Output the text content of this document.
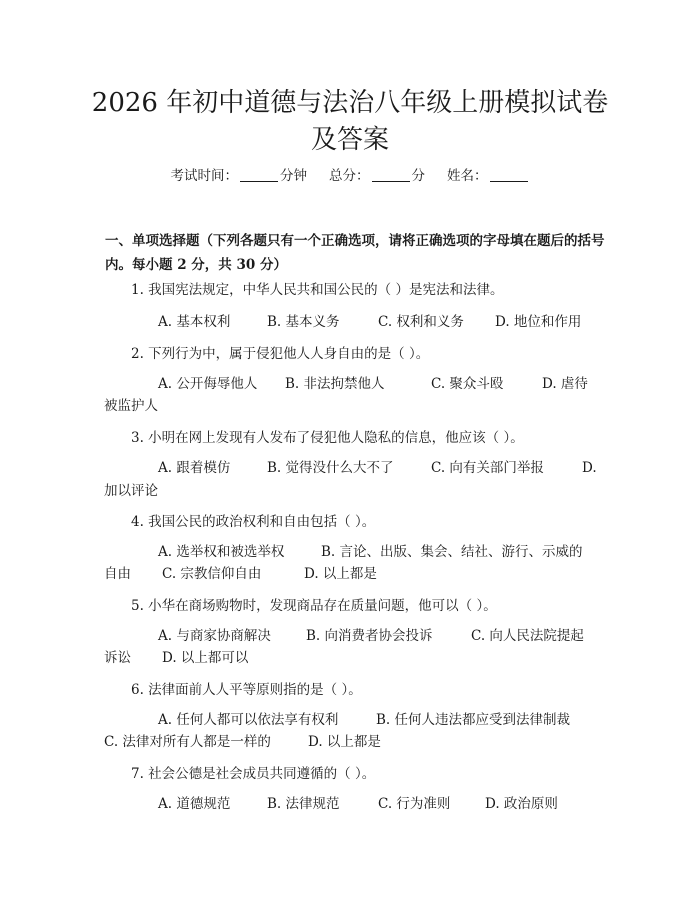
2026 年初中道德与法治八年级上册模拟试卷
及答案
考试时间：	分钟 总分：	分 姓名：

一、单项选择题（下列各题只有一个正确选项，请将正确选项的字母填在题后的括号内。每小题 2 分，共 30 分）

1. 我国宪法规定，中华人民共和国公民的（ ）是宪法和法律。
A. 基本权利	B. 基本义务	C. 权利和义务 D. 地位和作用
2. 下列行为中，属于侵犯他人人身自由的是（ ）。
A. 公开侮辱他人 B. 非法拘禁他人	C. 聚众斗殴	D. 虐待
被监护人
3. 小明在网上发现有人发布了侵犯他人隐私的信息，他应该（ ）。
A. 跟着模仿	B. 觉得没什么大不了	C. 向有关部门举报	D.
加以评论
4. 我国公民的政治权利和自由包括（ ）。
A. 选举权和被选举权	B. 言论、出版、集会、结社、游行、示威的
自由 C. 宗教信仰自由	D. 以上都是
5. 小华在商场购物时，发现商品存在质量问题，他可以（ ）。
A. 与商家协商解决	B. 向消费者协会投诉	C. 向人民法院提起
诉讼 D. 以上都可以
6. 法律面前人人平等原则指的是（ ）。
A. 任何人都可以依法享有权利	B. 任何人违法都应受到法律制裁
C. 法律对所有人都是一样的	D. 以上都是
7. 社会公德是社会成员共同遵循的（ ）。
A. 道德规范	B. 法律规范	C. 行为准则	D. 政治原则
